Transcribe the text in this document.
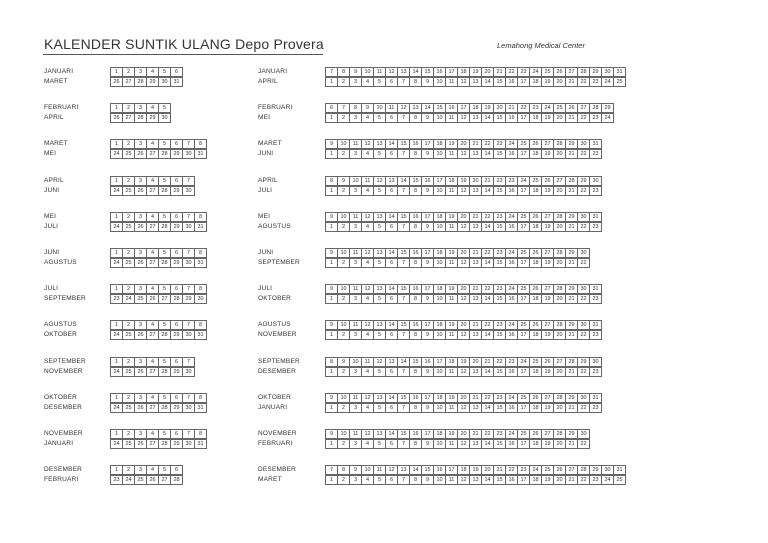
KALENDER SUNTIK ULANG Depo Provera	Lemahong Medical Center
JANUARI	1	2	3	4	5	6
MARET	26	27	28	29	30	31
FEBRUARI	1	2	3	4	5
APRIL	26	27	28	29	30
MARET	1	2	3	4	5	6	7	8
MEI	24	25	26	27	28	29	30	31
APRIL	1	2	3	4	5	6	7
JUNI	24	25	26	27	28	29	30
MEI	1	2	3	4	5	6	7	8
JULI	24	25	26	27	28	29	30	31
JUNI	1	2	3	4	5	6	7	8
AGUSTUS	24	25	26	27	28	29	30	31
JULI	1	2	3	4	5	6	7	8
SEPTEMBER	23	24	25	26	27	28	29	30
AGUSTUS	1	2	3	4	5	6	7	8
OKTOBER	24	25	26	27	28	29	30	31
SEPTEMBER	1	2	3	4	5	6	7
NOVEMBER	24	25	26	27	28	29	30
OKTOBER	1	2	3	4	5	6	7	8
DESEMBER	24	25	26	27	28	29	30	31
NOVEMBER	1	2	3	4	5	6	7	8
JANUARI	24	25	26	27	28	29	30	31
DESEMBER	1	2	3	4	5	6
FEBRUARI	23	24	25	26	27	28
JANUARI	7	8	9	10	11	12	13	14	15	16	17	18	19	20	21	22	23	24	25	26	27	28	29	30	31
APRIL	1	2	3	4	5	6	7	8	9	10	11	12	13	14	15	16	17	18	19	20	21	22	23	24	25
FEBRUARI	6	7	8	9	10	11	12	13	14	15	16	17	18	19	20	21	22	23	24	25	26	27	28	29
MEI	1	2	3	4	5	6	7	8	9	10	11	12	13	14	15	16	17	18	19	20	21	22	23	24
MARET	9	10	11	12	13	14	15	16	17	18	19	20	21	22	23	24	25	26	27	28	29	30	31
JUNI	1	2	3	4	5	6	7	8	9	10	11	12	13	14	15	16	17	18	19	20	21	22	23
APRIL	8	9	10	11	12	13	14	15	16	17	18	19	20	21	22	23	24	25	26	27	28	29	30
JULI	1	2	3	4	5	6	7	8	9	10	11	12	13	14	15	16	17	18	19	20	21	22	23
MEI	9	10	11	12	13	14	15	16	17	18	19	20	21	22	23	24	25	26	27	28	29	30	31
AGUSTUS	1	2	3	4	5	6	7	8	9	10	11	12	13	14	15	16	17	18	19	20	21	22	23
JUNI	9	10	11	12	13	14	15	16	17	18	19	20	21	22	23	24	25	26	27	28	29	30
SEPTEMBER	1	2	3	4	5	6	7	8	9	10	11	12	13	14	15	16	17	18	19	20	21	22
JULI	9	10	11	12	13	14	15	16	17	18	19	20	21	22	23	24	25	26	27	28	29	30	31
OKTOBER	1	2	3	4	5	6	7	8	9	10	11	12	13	14	15	16	17	18	19	20	21	22	23
AGUSTUS	9	10	11	12	13	14	15	16	17	18	19	20	21	22	23	24	25	26	27	28	29	30	31
NOVEMBER	1	2	3	4	5	6	7	8	9	10	11	12	13	14	15	16	17	18	19	20	21	22	23
SEPTEMBER	8	9	10	11	12	13	14	15	16	17	18	19	20	21	22	23	24	25	26	27	28	29	30
DESEMBER	1	2	3	4	5	6	7	8	9	10	11	12	13	14	15	16	17	18	19	20	21	22	23
OKTOBER	9	10	11	12	13	14	15	16	17	18	19	20	21	22	23	24	25	26	27	28	29	30	31
JANUARI	1	2	3	4	5	6	7	8	9	10	11	12	13	14	15	16	17	18	19	20	21	22	23
NOVEMBER	9	10	11	12	13	14	15	16	17	18	19	20	21	22	23	24	25	26	27	28	29	30
FEBRUARI	1	2	3	4	5	6	7	8	9	10	11	12	13	14	15	16	17	18	19	20	21	22
DESEMBER	7	8	9	10	11	12	13	14	15	16	17	18	19	20	21	22	23	24	25	26	27	28	29	30	31
MARET	1	2	3	4	5	6	7	8	9	10	11	12	13	14	15	16	17	18	19	20	21	22	23	24	25
